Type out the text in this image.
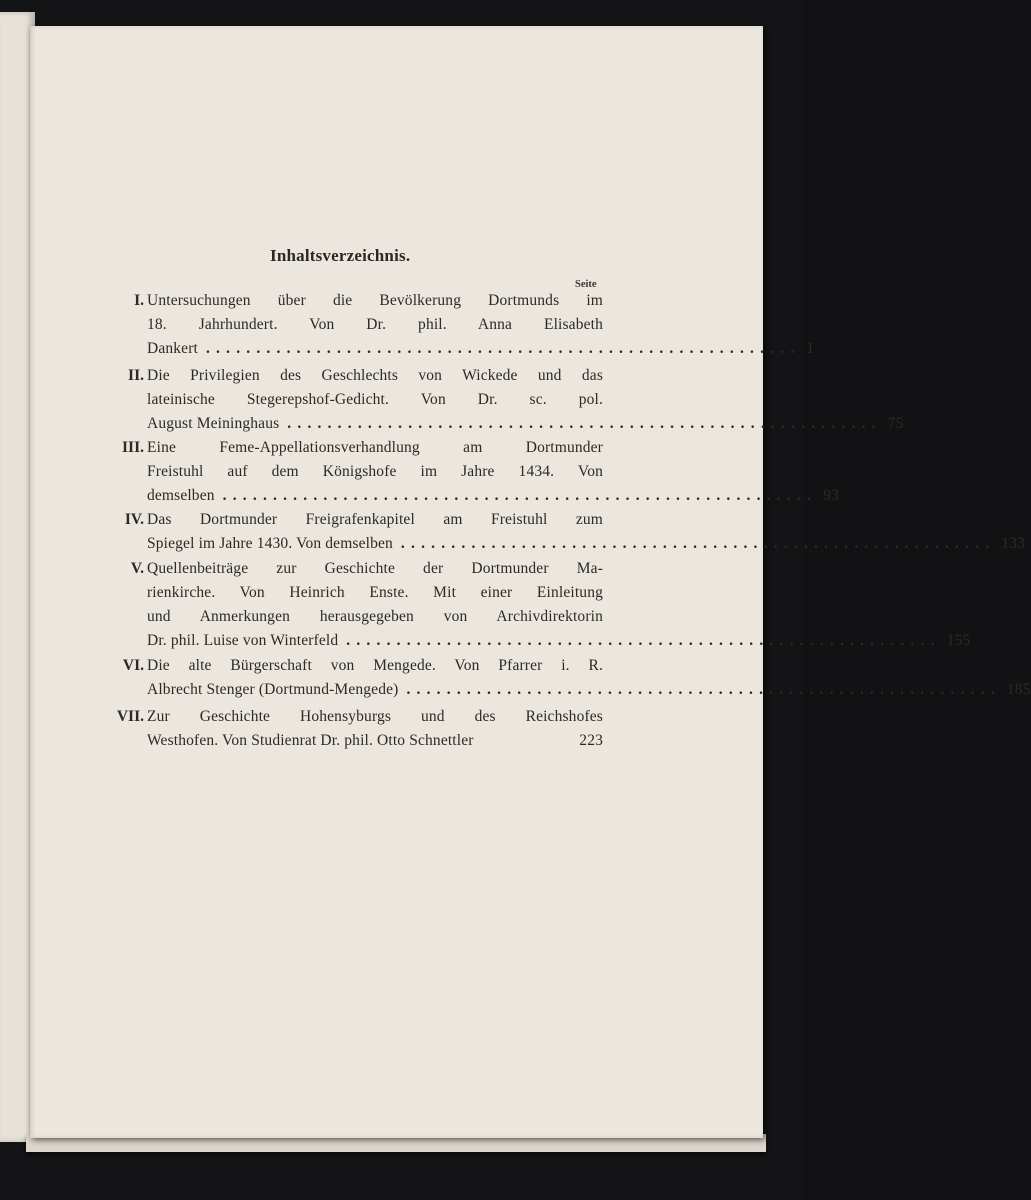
Inhaltsverzeichnis.
Seite
I. Untersuchungen über die Bevölkerung Dortmunds im
18. Jahrhundert. Von Dr. phil. Anna Elisabeth
Dankert ........................................................... 1
II. Die Privilegien des Geschlechts von Wickede und das
lateinische Stegerepshof-Gedicht. Von Dr. sc. pol.
August Meininghaus ........................................................... 75
III. Eine Feme-Appellationsverhandlung am Dortmunder
Freistuhl auf dem Königshofe im Jahre 1434. Von
demselben ........................................................... 93
IV. Das Dortmunder Freigrafenkapitel am Freistuhl zum
Spiegel im Jahre 1430. Von demselben ........................................................... 133
V. Quellenbeiträge zur Geschichte der Dortmunder Ma-
rienkirche. Von Heinrich Enste. Mit einer Einleitung
und Anmerkungen herausgegeben von Archivdirektorin
Dr. phil. Luise von Winterfeld ........................................................... 155
VI. Die alte Bürgerschaft von Mengede. Von Pfarrer i. R.
Albrecht Stenger (Dortmund-Mengede) ........................................................... 185
VII. Zur Geschichte Hohensyburgs und des Reichshofes
Westhofen. Von Studienrat Dr. phil. Otto Schnettler	223
